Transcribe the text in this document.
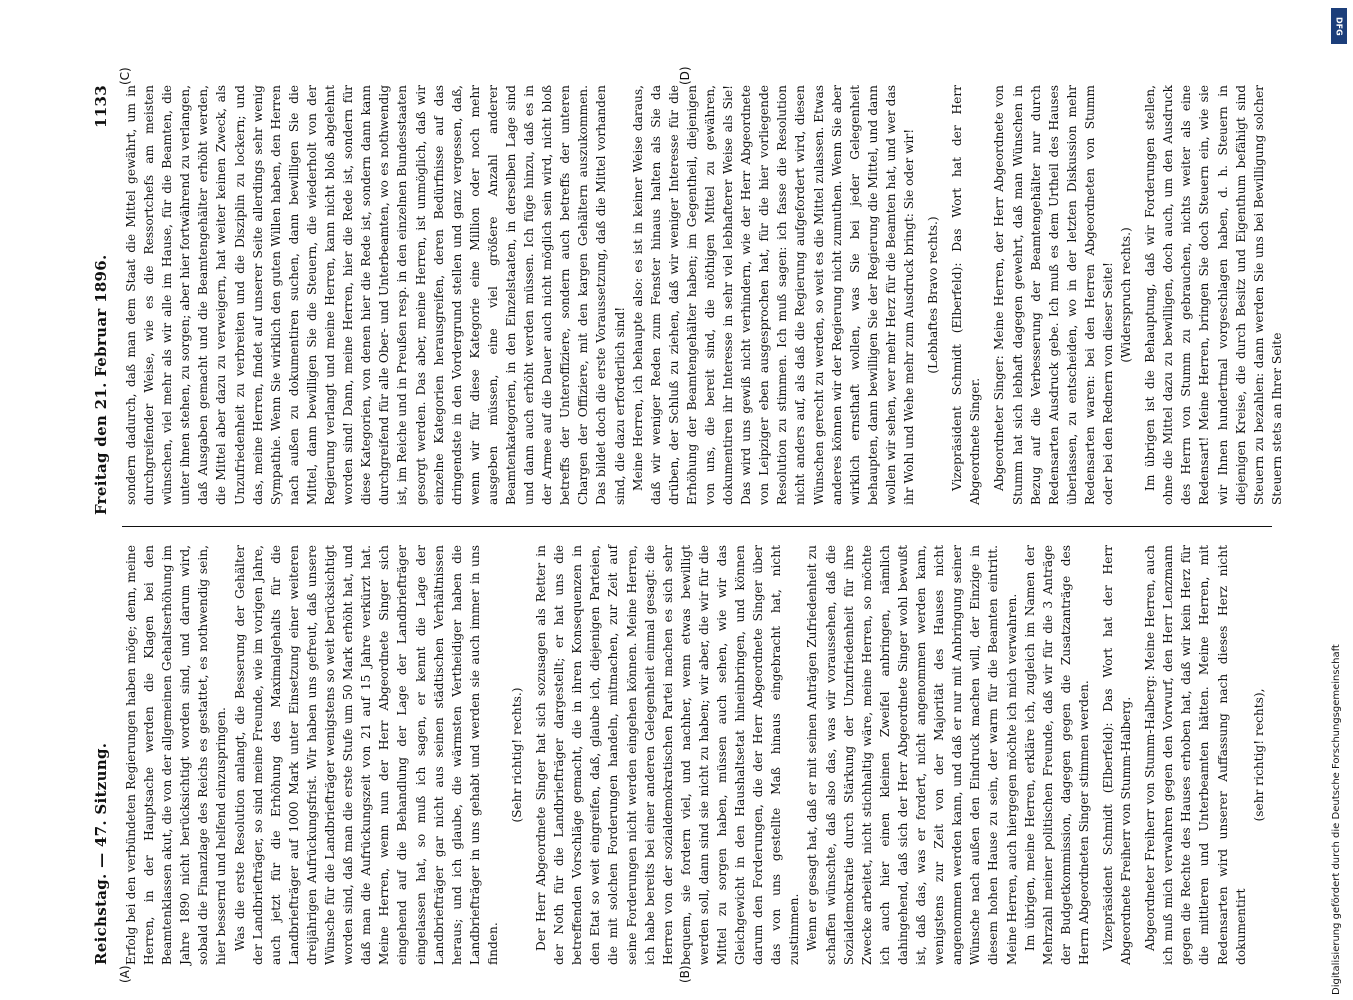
Reichstag. — 47. Sitzung.
Freitag den 21. Februar 1896.
1133
(A)	(B)
(C)	(D)

Erfolg bei den verbündeten Regierungen haben möge; denn, meine Herren, in der Hauptsache werden die Klagen bei den Beamtenklassen akut, die von der allgemeinen Gehaltserhöhung im Jahre 1890 nicht berücksichtigt worden sind, und darum wird, sobald die Finanzlage des Reichs es gestattet, es nothwendig sein, hier bessernd und helfend einzuspringen. Was die erste Resolution anlangt, die Besserung der Gehälter der Landbriefträger, so sind meine Freunde, wie im vorigen Jahre, auch jetzt für die Erhöhung des Maximalgehalts für die Landbriefträger auf 1000 Mark unter Einsetzung einer weiteren dreijährigen Aufrückungsfrist. Wir haben uns gefreut, daß unsere Wünsche für die Landbriefträger wenigstens so weit berücksichtigt worden sind, daß man die erste Stufe um 50 Mark erhöht hat, und daß man die Aufrückungszeit von 21 auf 15 Jahre verkürzt hat. Meine Herren, wenn nun der Herr Abgeordnete Singer sich eingehend auf die Behandlung der Lage der Landbriefträger eingelassen hat, so muß ich sagen, er kennt die Lage der Landbriefträger gar nicht aus seinen städtischen Verhältnissen heraus; und ich glaube, die wärmsten Vertheidiger haben die Landbriefträger in uns gehabt und werden sie auch immer in uns finden.

(Sehr richtig! rechts.) Der Herr Abgeordnete Singer hat sich sozusagen als Retter in der Noth für die Landbriefträger dargestellt; er hat uns die betreffenden Vorschläge gemacht, die in ihren Konsequenzen in den Etat so weit eingreifen, daß, glaube ich, diejenigen Parteien, die mit solchen Forderungen handeln, mitmachen, zur Zeit auf seine Forderungen nicht werden eingehen können. Meine Herren, ich habe bereits bei einer anderen Gelegenheit einmal gesagt: die Herren von der sozialdemokratischen Partei machen es sich sehr bequem, sie fordern viel, und nachher, wenn etwas bewilligt werden soll, dann sind sie nicht zu haben; wir aber, die wir für die Mittel zu sorgen haben, müssen auch sehen, wie wir das Gleichgewicht in den Haushaltsetat hineinbringen, und können darum den Forderungen, die der Herr Abgeordnete Singer über das von uns gestellte Maß hinaus eingebracht hat, nicht zustimmen. Wenn er gesagt hat, daß er mit seinen Anträgen Zufriedenheit zu schaffen wünschte, daß also das, was wir voraussehen, daß die Sozialdemokratie durch Stärkung der Unzufriedenheit für ihre Zwecke arbeitet, nicht stichhaltig wäre, meine Herren, so möchte ich auch hier einen kleinen Zweifel anbringen, nämlich dahingehend, daß sich der Herr Abgeordnete Singer wohl bewußt ist, daß das, was er fordert, nicht angenommen werden kann, wenigstens zur Zeit von der Majorität des Hauses nicht angenommen werden kann, und daß er nur mit Anbringung seiner Wünsche nach außen den Eindruck machen will, der Einzige in diesem hohen Hause zu sein, der warm für die Beamten eintritt. Meine Herren, auch hiergegen möchte ich mich verwahren. Im übrigen, meine Herren, erkläre ich, zugleich im Namen der Mehrzahl meiner politischen Freunde, daß wir für die 3 Anträge der Budgetkommission, dagegen gegen die Zusatzanträge des Herrn Abgeordneten Singer stimmen werden. Vizepräsident Schmidt (Elberfeld): Das Wort hat der Herr Abgeordnete Freiherr von Stumm-Halberg. Abgeordneter Freiherr von Stumm-Halberg: Meine Herren, auch ich muß mich verwahren gegen den Vorwurf, den Herr Lenzmann gegen die Rechte des Hauses erhoben hat, daß wir kein Herz für die mittleren und Unterbeamten hätten. Meine Herren, mit Redensarten wird unserer Auffassung nach dieses Herz nicht dokumentirt

(sehr richtig! rechts),

sondern dadurch, daß man dem Staat die Mittel gewährt, um in durchgreifender Weise, wie es die Ressortchefs am meisten wünschen, viel mehr als wir alle im Hause, für die Beamten, die unter ihnen stehen, zu sorgen; aber hier fortwährend zu verlangen, daß Ausgaben gemacht und die Beamtengehälter erhöht werden, die Mittel aber dazu zu verweigern, hat weiter keinen Zweck, als Unzufriedenheit zu verbreiten und die Disziplin zu lockern; und das, meine Herren, findet auf unserer Seite allerdings sehr wenig Sympathie. Wenn Sie wirklich den guten Willen haben, den Herren nach außen zu dokumentiren suchen, dann bewilligen Sie die Mittel, dann bewilligen Sie die Steuern, die wiederholt von der Regierung verlangt und meine Herren, kann nicht bloß abgelehnt worden sind! Dann, meine Herren, hier die Rede ist, sondern für diese Kategorien, von denen hier die Rede ist, sondern dann kann durchgreifend für alle Ober- und Unterbeamten, wo es nothwendig ist, im Reiche und in Preußen resp. in den einzelnen Bundesstaaten gesorgt werden. Das aber, meine Herren, ist unmöglich, daß wir einzelne Kategorien herausgreifen, deren Bedürfnisse auf das dringendste in den Vordergrund stellen und ganz vergessen, daß, wenn wir für diese Kategorie eine Million oder noch mehr ausgeben müssen, eine viel größere Anzahl anderer Beamtenkategorien, in den Einzelstaaten, in derselben Lage sind und dann auch erhöht werden müssen. Ich füge hinzu, daß es in der Armee auf die Dauer auch nicht möglich sein wird, nicht bloß betreffs der Unteroffiziere, sondern auch betreffs der unteren Chargen der Offiziere, mit den kargen Gehältern auszukommen. Das bildet doch die erste Voraussetzung, daß die Mittel vorhanden sind, die dazu erforderlich sind! Meine Herren, ich behaupte also: es ist in keiner Weise daraus, daß wir weniger Reden zum Fenster hinaus halten als Sie da drüben, der Schluß zu ziehen, daß wir weniger Interesse für die Erhöhung der Beamtengehälter haben; im Gegentheil, diejenigen von uns, die bereit sind, die nöthigen Mittel zu gewähren, dokumentiren ihr Interesse in sehr viel lebhafterer Weise als Sie! Das wird uns gewiß nicht verhindern, wie der Herr Abgeordnete von Leipziger eben ausgesprochen hat, für die hier vorliegende Resolution zu stimmen. Ich muß sagen: ich fasse die Resolution nicht anders auf, als daß die Regierung aufgefordert wird, diesen Wünschen gerecht zu werden, so weit es die Mittel zulassen. Etwas anderes können wir der Regierung nicht zumuthen. Wenn Sie aber wirklich ernsthaft wollen, was Sie bei jeder Gelegenheit behaupten, dann bewilligen Sie der Regierung die Mittel, und dann wollen wir sehen, wer mehr Herz für die Beamten hat, und wer das ihr Wohl und Wehe mehr zum Ausdruck bringt: Sie oder wir! (Lebhaftes Bravo rechts.) Vizepräsident Schmidt (Elberfeld): Das Wort hat der Herr Abgeordnete Singer. Abgeordneter Singer: Meine Herren, der Herr Abgeordnete von Stumm hat sich lebhaft dagegen gewehrt, daß man Wünschen in Bezug auf die Verbesserung der Beamtengehälter nur durch Redensarten Ausdruck gebe. Ich muß es dem Urtheil des Hauses überlassen, zu entscheiden, wo in der letzten Diskussion mehr Redensarten waren: bei den Herren Abgeordneten von Stumm oder bei den Rednern von dieser Seite! (Widerspruch rechts.) Im übrigen ist die Behauptung, daß wir Forderungen stellen, ohne die Mittel dazu zu bewilligen, doch auch, um den Ausdruck des Herrn von Stumm zu gebrauchen, nichts weiter als eine Redensart! Meine Herren, bringen Sie doch Steuern ein, wie sie wir Ihnen hundertmal vorgeschlagen haben, d. h. Steuern in diejenigen Kreise, die durch Besitz und Eigenthum befähigt sind Steuern zu bezahlen: dann werden Sie uns bei Bewilligung solcher Steuern stets an Ihrer Seite

DFG
Digitalisierung gefördert durch die Deutsche Forschungsgemeinschaft
